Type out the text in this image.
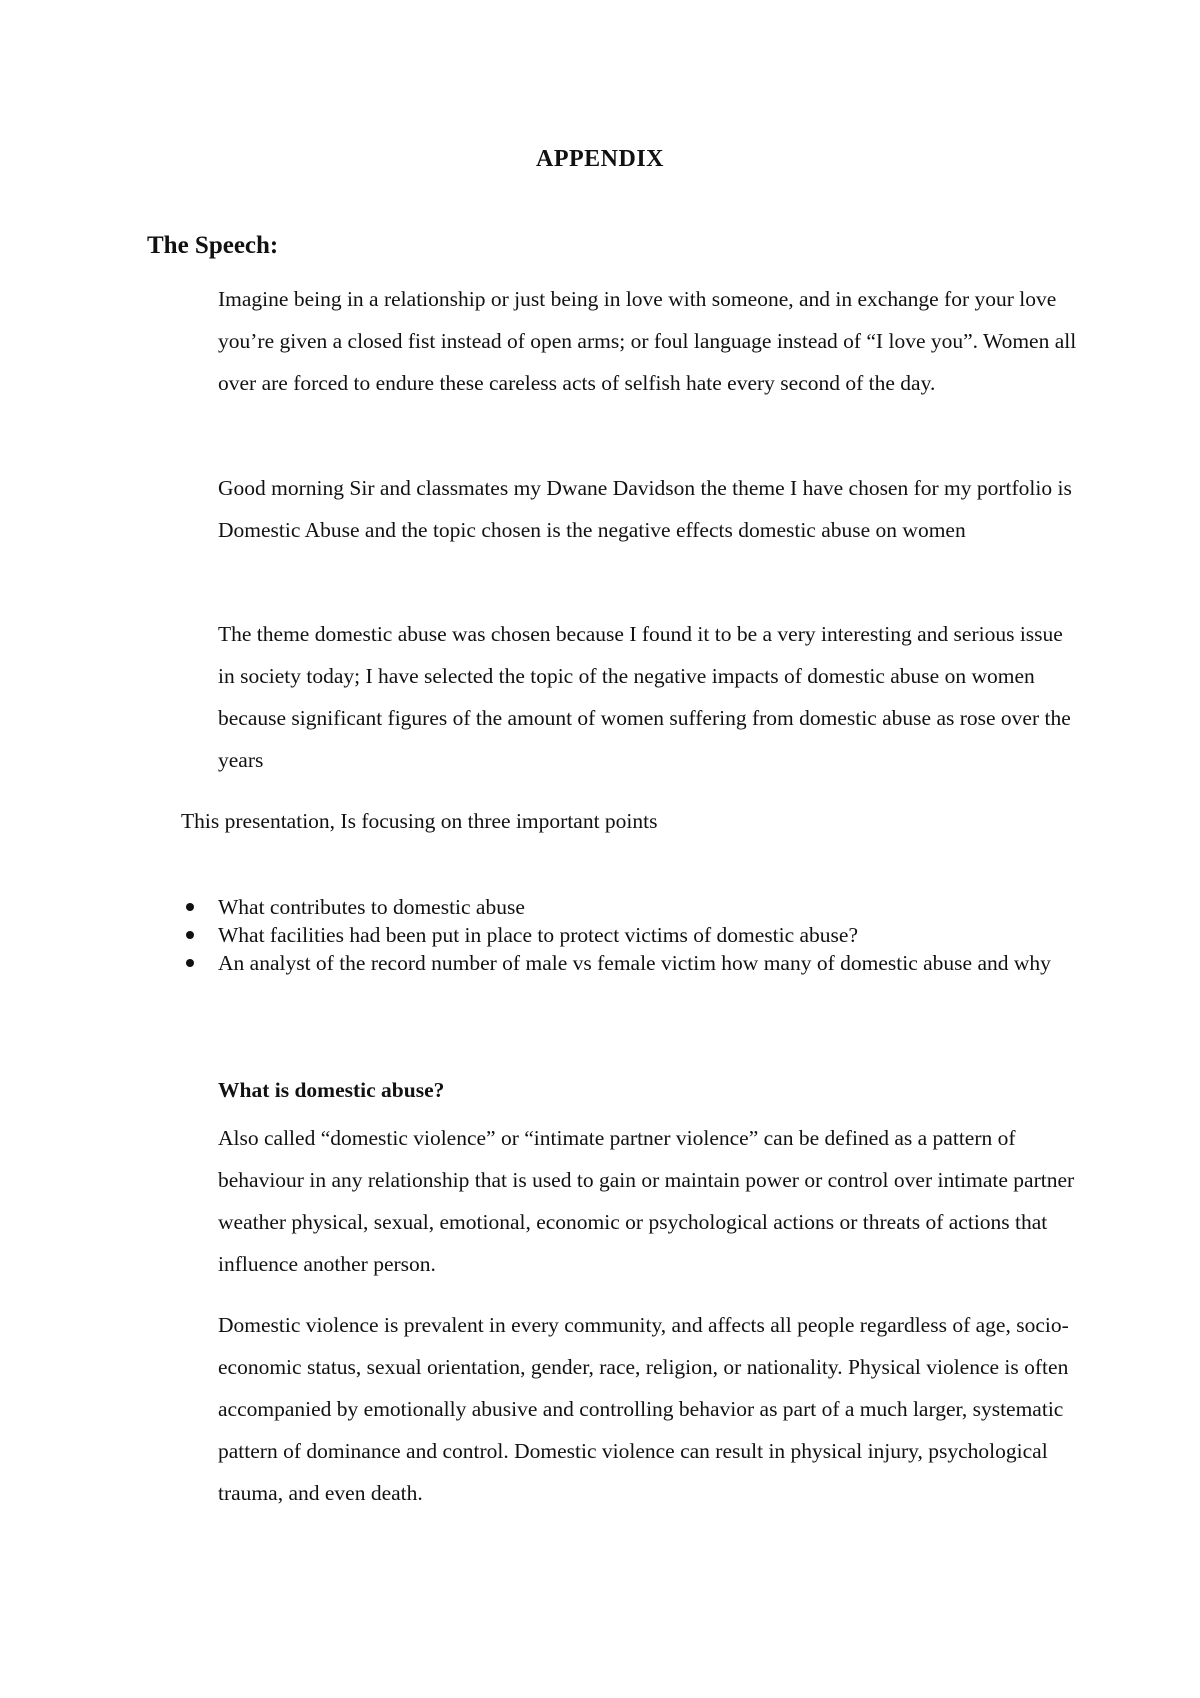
APPENDIX
The Speech:

Imagine being in a relationship or just being in love with someone, and in exchange for your love you’re given a closed fist instead of open arms; or foul language instead of “I love you”. Women all over are forced to endure these careless acts of selfish hate every second of the day.

Good morning Sir and classmates my Dwane Davidson the theme I have chosen for my portfolio is Domestic Abuse and the topic chosen is the negative effects domestic abuse on women

The theme domestic abuse was chosen because I found it to be a very interesting and serious issue in society today; I have selected the topic of the negative impacts of domestic abuse on women because significant figures of the amount of women suffering from domestic abuse as rose over the years

This presentation, Is focusing on three important points

What contributes to domestic abuse
What facilities had been put in place to protect victims of domestic abuse?
An analyst of the record number of male vs female victim how many of domestic abuse and why
What is domestic abuse?

Also called “domestic violence” or “intimate partner violence” can be defined as a pattern of behaviour in any relationship that is used to gain or maintain power or control over intimate partner weather physical, sexual, emotional, economic or psychological actions or threats of actions that influence another person.

Domestic violence is prevalent in every community, and affects all people regardless of age, socio-economic status, sexual orientation, gender, race, religion, or nationality. Physical violence is often accompanied by emotionally abusive and controlling behavior as part of a much larger, systematic pattern of dominance and control. Domestic violence can result in physical injury, psychological trauma, and even death.
